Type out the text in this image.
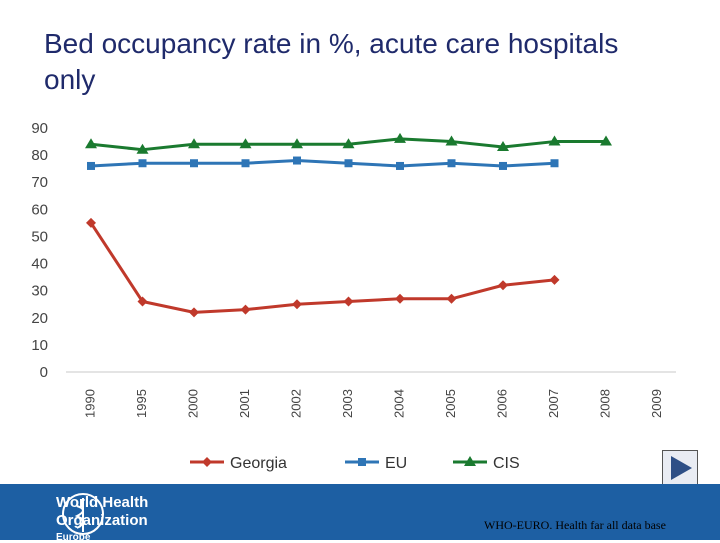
Bed occupancy rate in %, acute care hospitals only
0
10
20
30
40
50
60
70
80
90
1990	1995	2000	2001	2002	2003	2004	2005	2006	2007	2008	2009
Georgia	EU	CIS
World Health
Organization
Europe
WHO-EURO. Health far all data base
